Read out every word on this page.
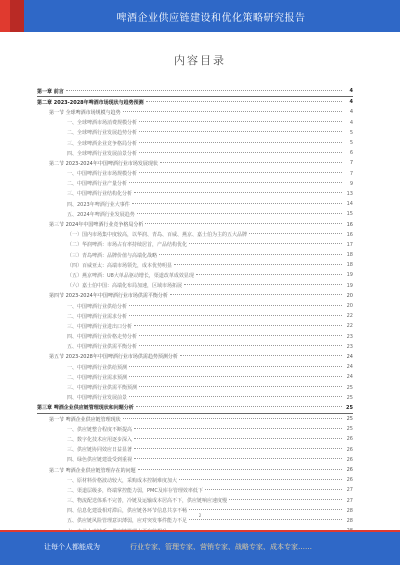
啤酒企业供应链建设和优化策略研究报告
内容目录
第一章 前言	4
第二章 2023-2028年啤酒市场现状与趋势预测	4
第一节 全球啤酒市场规模与趋势	4
一、全球啤酒市场消费规模分析	4
二、全球啤酒行业发展趋势分析	5
三、全球啤酒企业竞争格局分析	5
四、全球啤酒行业发展前景分析	6
第二节 2023-2024年中国啤酒行业市场发展现状	7
一、中国啤酒行业市场规模分析	7
二、中国啤酒行业产量分析	9
三、中国啤酒行业结构化分析	13
四、2023年啤酒行业大事件	14
五、2024年啤酒行业发展趋势	15
第三节 2024年中国啤酒行业竞争格局分析	16
（一）国内市场集中度较高，以华润、青岛、百威、燕京、嘉士伯为主的五大品牌	16
（二）华润啤酒：市场占有率持续居首，产品结构优化	17
（三）青岛啤酒：品牌价值与高端化战略	18
（四）百威亚太：高端市场领先，成本优势明显	18
（五）燕京啤酒：U8大单品驱动增长，渠道改革成效显现	19
（六）嘉士伯中国：高端化布局加速，区域市场拓展	19
第四节 2023-2024年中国啤酒行业市场供需平衡分析	20
一、中国啤酒行业供给分析	20
二、中国啤酒行业需求分析	22
三、中国啤酒行业进出口分析	22
四、中国啤酒行业价格走势分析	23
五、中国啤酒行业供需平衡分析	23
第五节 2023-2028年中国啤酒行业市场供需趋势预测分析	24
一、中国啤酒行业供给预测	24
二、中国啤酒行业需求预测	24
三、中国啤酒行业供需平衡预测	25
四、中国啤酒行业发展前景	25
第三章 啤酒企业供应链管理现状和问题分析	25
第一节 啤酒企业供应链管理现状	25
一、供应链整合程度不断提高	25
二、数字化技术应用逐步深入	26
三、供应链协同效应日益显著	26
四、绿色供应链建设受到重视	26
第二节 啤酒企业供应链管理存在的问题	26
一、原材料价格波动较大，采购成本控制难度加大	26
二、渠道层级多，终端掌控能力弱，PMC及库存管理效率低下	27
三、物流配送体系不完善，冷链及运输成本居高不下，供应链响应速度慢	27
四、信息化建设相对滞后，供应链各环节信息共享不畅	28
五、供应链风险管理意识薄弱，应对突发事件能力不足	28
2
让每个人都能成为	行业专家、管理专家、营销专家、战略专家、成本专家……
